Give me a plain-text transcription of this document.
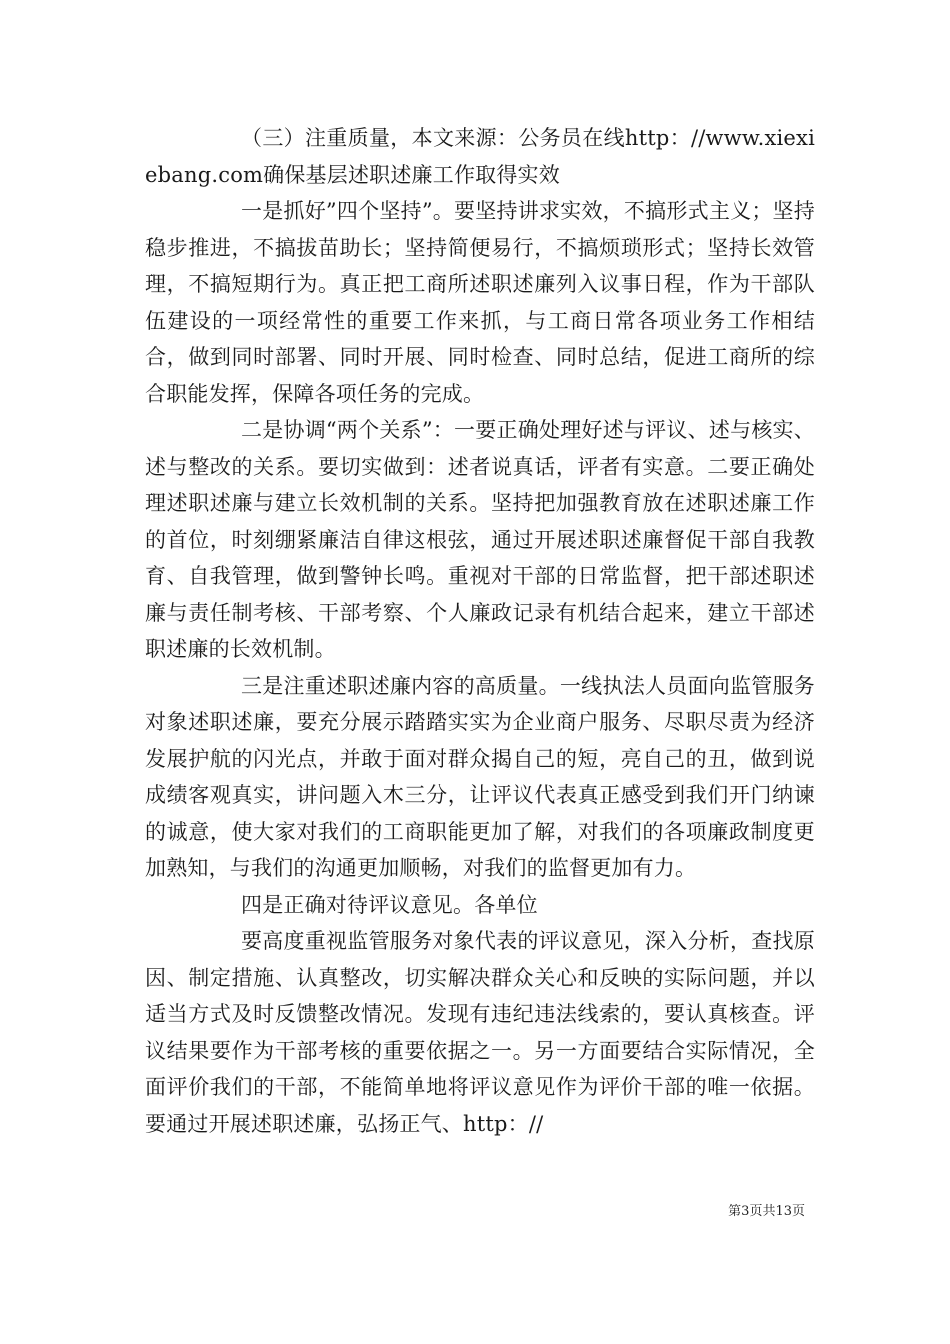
（三）注重质量，本文来源：公务员在线http：//www.xiexiebang.com确保基层述职述廉工作取得实效

一是抓好”四个坚持”。要坚持讲求实效，不搞形式主义；坚持稳步推进，不搞拔苗助长；坚持简便易行，不搞烦琐形式；坚持长效管理，不搞短期行为。真正把工商所述职述廉列入议事日程，作为干部队伍建设的一项经常性的重要工作来抓，与工商日常各项业务工作相结合，做到同时部署、同时开展、同时检查、同时总结，促进工商所的综合职能发挥，保障各项任务的完成。

二是协调“两个关系”：一要正确处理好述与评议、述与核实、述与整改的关系。要切实做到：述者说真话，评者有实意。二要正确处理述职述廉与建立长效机制的关系。坚持把加强教育放在述职述廉工作的首位，时刻绷紧廉洁自律这根弦，通过开展述职述廉督促干部自我教育、自我管理，做到警钟长鸣。重视对干部的日常监督，把干部述职述廉与责任制考核、干部考察、个人廉政记录有机结合起来，建立干部述职述廉的长效机制。

三是注重述职述廉内容的高质量。一线执法人员面向监管服务对象述职述廉，要充分展示踏踏实实为企业商户服务、尽职尽责为经济发展护航的闪光点，并敢于面对群众揭自己的短，亮自己的丑，做到说成绩客观真实，讲问题入木三分，让评议代表真正感受到我们开门纳谏的诚意，使大家对我们的工商职能更加了解，对我们的各项廉政制度更加熟知，与我们的沟通更加顺畅，对我们的监督更加有力。

四是正确对待评议意见。各单位

要高度重视监管服务对象代表的评议意见，深入分析，查找原因、制定措施、认真整改，切实解决群众关心和反映的实际问题，并以适当方式及时反馈整改情况。发现有违纪违法线索的，要认真核查。评议结果要作为干部考核的重要依据之一。另一方面要结合实际情况，全面评价我们的干部，不能简单地将评议意见作为评价干部的唯一依据。要通过开展述职述廉，弘扬正气、http：//

第3页共13页
